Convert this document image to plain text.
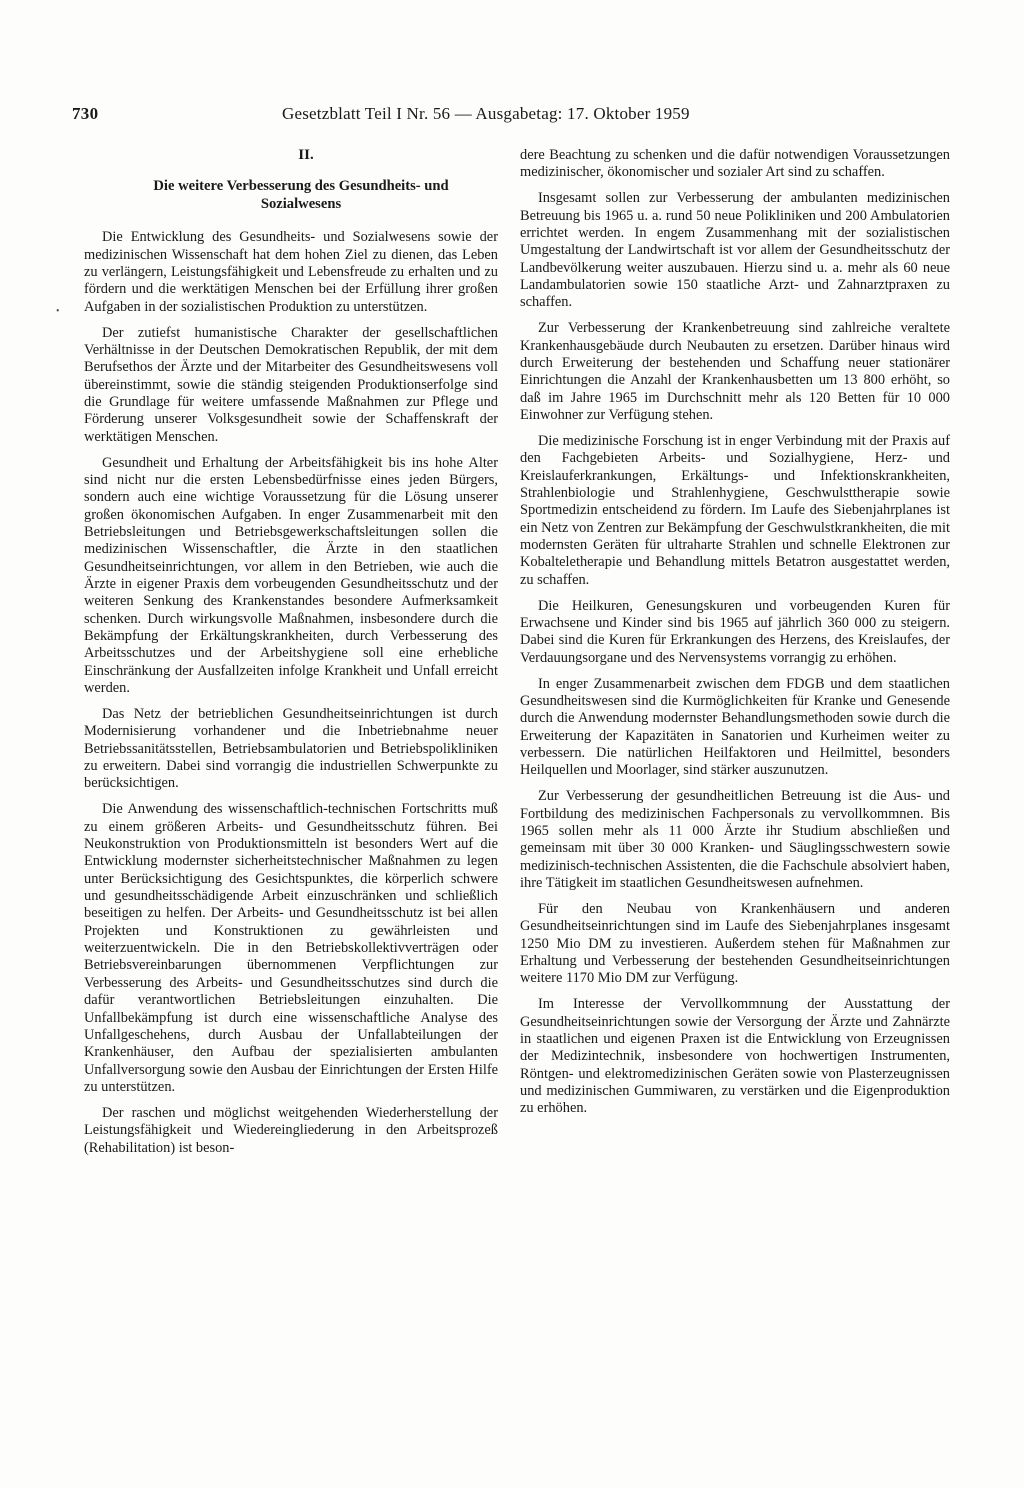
730	Gesetzblatt Teil I Nr. 56 — Ausgabetag: 17. Oktober 1959
II.
Die weitere Verbesserung des Gesundheits- und
Sozialwesens

Die Entwicklung des Gesundheits- und Sozialwesens sowie der medizinischen Wissenschaft hat dem hohen Ziel zu dienen, das Leben zu verlängern, Leistungsfähigkeit und Lebensfreude zu erhalten und zu fördern und die werktätigen Menschen bei der Erfüllung ihrer großen Aufgaben in der sozialistischen Produktion zu unterstützen.

Der zutiefst humanistische Charakter der gesellschaftlichen Verhältnisse in der Deutschen Demokratischen Republik, der mit dem Berufsethos der Ärzte und der Mitarbeiter des Gesundheitswesens voll übereinstimmt, sowie die ständig steigenden Produktionserfolge sind die Grundlage für weitere umfassende Maßnahmen zur Pflege und Förderung unserer Volksgesundheit sowie der Schaffenskraft der werktätigen Menschen.

Gesundheit und Erhaltung der Arbeitsfähigkeit bis ins hohe Alter sind nicht nur die ersten Lebensbedürfnisse eines jeden Bürgers, sondern auch eine wichtige Voraussetzung für die Lösung unserer großen ökonomischen Aufgaben. In enger Zusammenarbeit mit den Betriebsleitungen und Betriebsgewerkschaftsleitungen sollen die medizinischen Wissenschaftler, die Ärzte in den staatlichen Gesundheitseinrichtungen, vor allem in den Betrieben, wie auch die Ärzte in eigener Praxis dem vorbeugenden Gesundheitsschutz und der weiteren Senkung des Krankenstandes besondere Aufmerksamkeit schenken. Durch wirkungsvolle Maßnahmen, insbesondere durch die Bekämpfung der Erkältungskrankheiten, durch Verbesserung des Arbeitsschutzes und der Arbeitshygiene soll eine erhebliche Einschränkung der Ausfallzeiten infolge Krankheit und Unfall erreicht werden.

Das Netz der betrieblichen Gesundheitseinrichtungen ist durch Modernisierung vorhandener und die Inbetriebnahme neuer Betriebssanitätsstellen, Betriebsambulatorien und Betriebspolikliniken zu erweitern. Dabei sind vorrangig die industriellen Schwerpunkte zu berücksichtigen.

Die Anwendung des wissenschaftlich-technischen Fortschritts muß zu einem größeren Arbeits- und Gesundheitsschutz führen. Bei Neukonstruktion von Produktionsmitteln ist besonders Wert auf die Entwicklung modernster sicherheitstechnischer Maßnahmen zu legen unter Berücksichtigung des Gesichtspunktes, die körperlich schwere und gesundheitsschädigende Arbeit einzuschränken und schließlich beseitigen zu helfen. Der Arbeits- und Gesundheitsschutz ist bei allen Projekten und Konstruktionen zu gewährleisten und weiterzuentwickeln. Die in den Betriebskollektivverträgen oder Betriebsvereinbarungen übernommenen Verpflichtungen zur Verbesserung des Arbeits- und Gesundheitsschutzes sind durch die dafür verantwortlichen Betriebsleitungen einzuhalten. Die Unfallbekämpfung ist durch eine wissenschaftliche Analyse des Unfallgeschehens, durch Ausbau der Unfallabteilungen der Krankenhäuser, den Aufbau der spezialisierten ambulanten Unfallversorgung sowie den Ausbau der Einrichtungen der Ersten Hilfe zu unterstützen.

Der raschen und möglichst weitgehenden Wiederherstellung der Leistungsfähigkeit und Wiedereingliederung in den Arbeitsprozeß (Rehabilitation) ist beson-

dere Beachtung zu schenken und die dafür notwendigen Voraussetzungen medizinischer, ökonomischer und sozialer Art sind zu schaffen.

Insgesamt sollen zur Verbesserung der ambulanten medizinischen Betreuung bis 1965 u. a. rund 50 neue Polikliniken und 200 Ambulatorien errichtet werden. In engem Zusammenhang mit der sozialistischen Umgestaltung der Landwirtschaft ist vor allem der Gesundheitsschutz der Landbevölkerung weiter auszubauen. Hierzu sind u. a. mehr als 60 neue Landambulatorien sowie 150 staatliche Arzt- und Zahnarztpraxen zu schaffen.

Zur Verbesserung der Krankenbetreuung sind zahlreiche veraltete Krankenhausgebäude durch Neubauten zu ersetzen. Darüber hinaus wird durch Erweiterung der bestehenden und Schaffung neuer stationärer Einrichtungen die Anzahl der Krankenhausbetten um 13 800 erhöht, so daß im Jahre 1965 im Durchschnitt mehr als 120 Betten für 10 000 Einwohner zur Verfügung stehen.

Die medizinische Forschung ist in enger Verbindung mit der Praxis auf den Fachgebieten Arbeits- und Sozialhygiene, Herz- und Kreislauferkrankungen, Erkältungs- und Infektionskrankheiten, Strahlenbiologie und Strahlenhygiene, Geschwulsttherapie sowie Sportmedizin entscheidend zu fördern. Im Laufe des Siebenjahrplanes ist ein Netz von Zentren zur Bekämpfung der Geschwulstkrankheiten, die mit modernsten Geräten für ultraharte Strahlen und schnelle Elektronen zur Kobalteletherapie und Behandlung mittels Betatron ausgestattet werden, zu schaffen.

Die Heilkuren, Genesungskuren und vorbeugenden Kuren für Erwachsene und Kinder sind bis 1965 auf jährlich 360 000 zu steigern. Dabei sind die Kuren für Erkrankungen des Herzens, des Kreislaufes, der Verdauungsorgane und des Nervensystems vorrangig zu erhöhen.

In enger Zusammenarbeit zwischen dem FDGB und dem staatlichen Gesundheitswesen sind die Kurmöglichkeiten für Kranke und Genesende durch die Anwendung modernster Behandlungsmethoden sowie durch die Erweiterung der Kapazitäten in Sanatorien und Kurheimen weiter zu verbessern. Die natürlichen Heilfaktoren und Heilmittel, besonders Heilquellen und Moorlager, sind stärker auszunutzen.

Zur Verbesserung der gesundheitlichen Betreuung ist die Aus- und Fortbildung des medizinischen Fachpersonals zu vervollkommnen. Bis 1965 sollen mehr als 11 000 Ärzte ihr Studium abschließen und gemeinsam mit über 30 000 Kranken- und Säuglingsschwestern sowie medizinisch-technischen Assistenten, die die Fachschule absolviert haben, ihre Tätigkeit im staatlichen Gesundheitswesen aufnehmen.

Für den Neubau von Krankenhäusern und anderen Gesundheitseinrichtungen sind im Laufe des Siebenjahrplanes insgesamt 1250 Mio DM zu investieren. Außerdem stehen für Maßnahmen zur Erhaltung und Verbesserung der bestehenden Gesundheitseinrichtungen weitere 1170 Mio DM zur Verfügung.

Im Interesse der Vervollkommnung der Ausstattung der Gesundheitseinrichtungen sowie der Versorgung der Ärzte und Zahnärzte in staatlichen und eigenen Praxen ist die Entwicklung von Erzeugnissen der Medizintechnik, insbesondere von hochwertigen Instrumenten, Röntgen- und elektromedizinischen Geräten sowie von Plasterzeugnissen und medizinischen Gummiwaren, zu verstärken und die Eigenproduktion zu erhöhen.

•
